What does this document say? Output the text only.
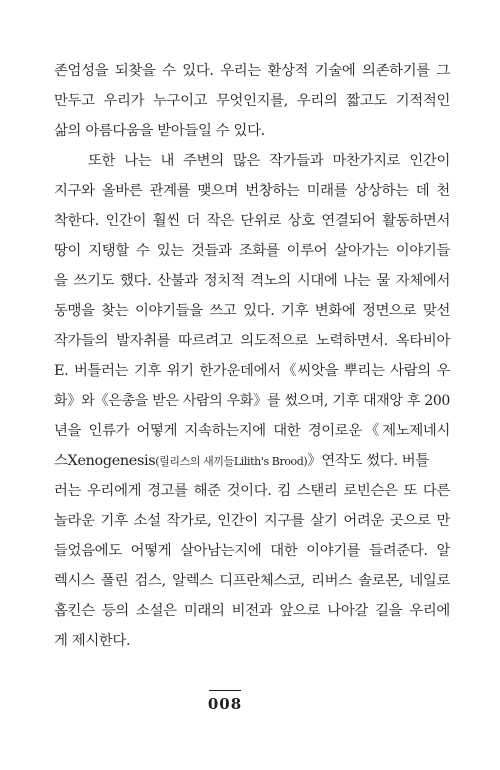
존엄성을 되찾을 수 있다. 우리는 환상적 기술에 의존하기를 그
만두고 우리가 누구이고 무엇인지를, 우리의 짧고도 기적적인
삶의 아름다움을 받아들일 수 있다.
또한 나는 내 주변의 많은 작가들과 마찬가지로 인간이
지구와 올바른 관계를 맺으며 번창하는 미래를 상상하는 데 천
착한다. 인간이 훨씬 더 작은 단위로 상호 연결되어 활동하면서
땅이 지탱할 수 있는 것들과 조화를 이루어 살아가는 이야기들
을 쓰기도 했다. 산불과 정치적 격노의 시대에 나는 물 자체에서
동맹을 찾는 이야기들을 쓰고 있다. 기후 변화에 정면으로 맞선
작가들의 발자취를 따르려고 의도적으로 노력하면서. 옥타비아
E. 버틀러는 기후 위기 한가운데에서《씨앗을 뿌리는 사람의 우
화》와《은총을 받은 사람의 우화》를 썼으며, 기후 대재앙 후 200
년을 인류가 어떻게 지속하는지에 대한 경이로운《제노제네시
스Xenogenesis(릴리스의 새끼들Lilith's Brood)》연작도 썼다. 버틀
러는 우리에게 경고를 해준 것이다. 킴 스탠리 로빈슨은 또 다른
놀라운 기후 소설 작가로, 인간이 지구를 살기 어려운 곳으로 만
들었음에도 어떻게 살아남는지에 대한 이야기를 들려준다. 알
렉시스 폴린 검스, 알렉스 디프란체스코, 리버스 솔로몬, 네일로
홉킨슨 등의 소설은 미래의 비전과 앞으로 나아갈 길을 우리에
게 제시한다.
008
